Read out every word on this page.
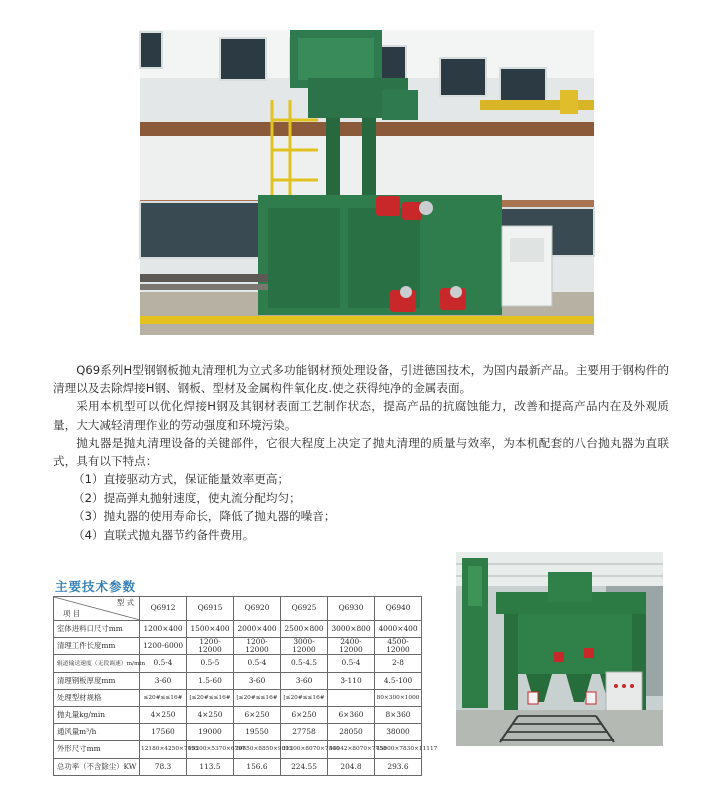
Q69系列H型钢钢板抛丸清理机为立式多功能钢材预处理设备，引进德国技术，为国内最新产品。主要用于钢构件的清理以及去除焊接H钢、钢板、型材及金属构件氧化皮.使之获得纯净的金属表面。

采用本机型可以优化焊接H钢及其钢材表面工艺制作状态，提高产品的抗腐蚀能力，改善和提高产品内在及外观质量，大大减轻清理作业的劳动强度和环境污染。

抛丸器是抛丸清理设备的关键部件，它很大程度上决定了抛丸清理的质量与效率，为本机配套的八台抛丸器为直联式，具有以下特点：

（1）直接驱动方式，保证能量效率更高；
（2）提高弹丸抛射速度，使丸流分配均匀；
（3）抛丸器的使用寿命长，降低了抛丸器的噪音；
（4）直联式抛丸器节约备件费用。
主要技术参数
型 式
项 目	Q6912	Q6915	Q6920	Q6925	Q6930	Q6940
室体进料口尺寸mm	1200×400	1500×400	2000×400	2500×800	3000×800	4000×400
清理工件长度mm	1200-6000	1200-12000	1200-12000	3000-12000	2400-12000	4500-12000
辊道输送速度（无段调速）m/min	0.5-4	0.5-5	0.5-4	0.5-4.5	0.5-4	2-8
清理钢板厚度mm	3-60	1.5-60	3-60	3-60	3-110	4.5-100
处理型材规格	≤20#≤≤16#	[≤20#≤≤16#	[≤20#≤≤16#	[≤20#≤≤16#		80×300×1000
抛丸量kg/min	4×250	4×250	6×250	6×250	6×360	8×360
通风量m³/h	17560	19000	19550	27758	28050	38000
外形尺寸mm	12180×4250×7095	15200×5370×6797	30650×8850×9095	31200×8070×7500	44042×8070×7758	45000×7830×11117
总功率（不含除尘）KW	78.3	113.5	156.6	224.55	204.8	293.6
